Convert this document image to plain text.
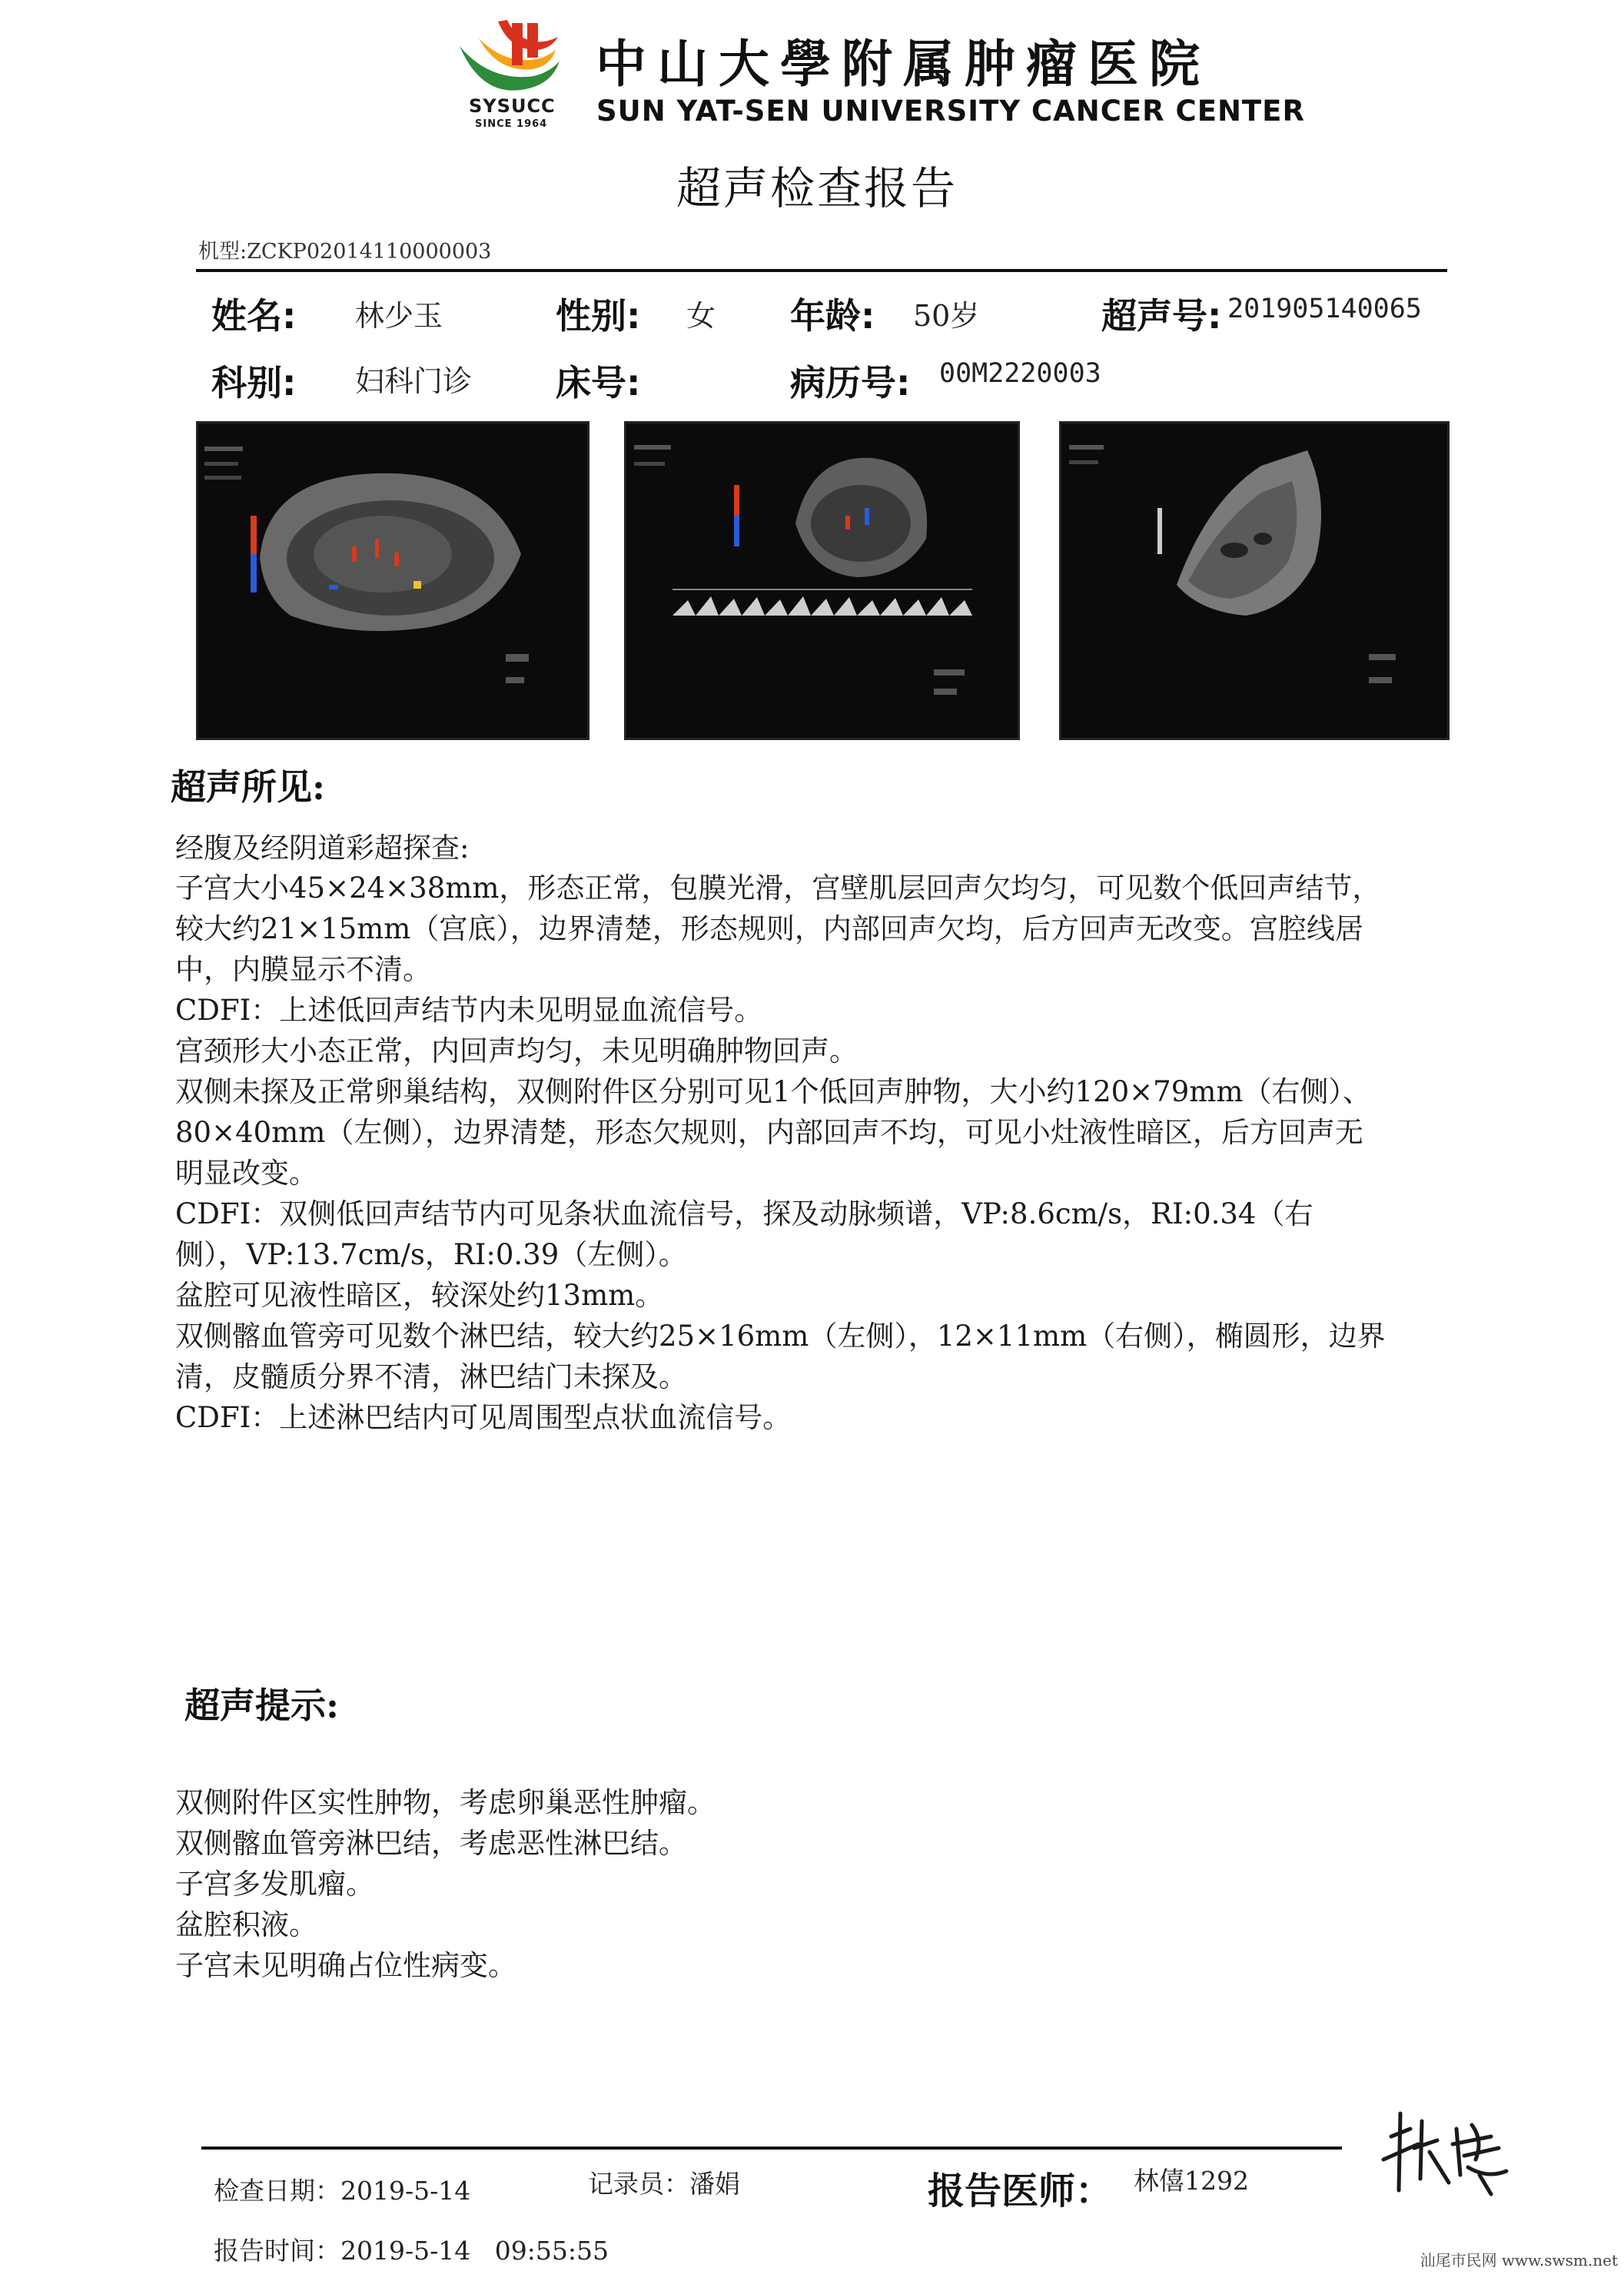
SYSUCC
SINCE 1964
中山大學附属肿瘤医院
SUN YAT-SEN UNIVERSITY CANCER CENTER
超声检查报告
机型:ZCKP02014110000003
姓名: 林少玉	性别: 女 年龄: 50岁	超声号: 201905140065
科别: 妇科门诊 床号:	病历号: 00M2220003
超声所见:
经腹及经阴道彩超探查:
子宫大小45×24×38mm，形态正常，包膜光滑，宫壁肌层回声欠均匀，可见数个低回声结节，
较大约21×15mm（宫底），边界清楚，形态规则，内部回声欠均，后方回声无改变。宫腔线居
中，内膜显示不清。
CDFI：上述低回声结节内未见明显血流信号。
宫颈形大小态正常，内回声均匀，未见明确肿物回声。
双侧未探及正常卵巢结构，双侧附件区分别可见1个低回声肿物，大小约120×79mm（右侧）、
80×40mm（左侧），边界清楚，形态欠规则，内部回声不均，可见小灶液性暗区，后方回声无
明显改变。
CDFI：双侧低回声结节内可见条状血流信号，探及动脉频谱，VP:8.6cm/s，RI:0.34（右
侧），VP:13.7cm/s，RI:0.39（左侧）。
盆腔可见液性暗区，较深处约13mm。
双侧髂血管旁可见数个淋巴结，较大约25×16mm（左侧），12×11mm（右侧），椭圆形，边界
清，皮髓质分界不清，淋巴结门未探及。
CDFI：上述淋巴结内可见周围型点状血流信号。
超声提示:
双侧附件区实性肿物，考虑卵巢恶性肿瘤。
双侧髂血管旁淋巴结，考虑恶性淋巴结。
子宫多发肌瘤。
盆腔积液。
子宫未见明确占位性病变。
检查日期：2019-5-14	记录员：潘娟	报告医师： 林僖1292
报告时间：2019-5-14   09:55:55	汕尾市民网 www.swsm.net
